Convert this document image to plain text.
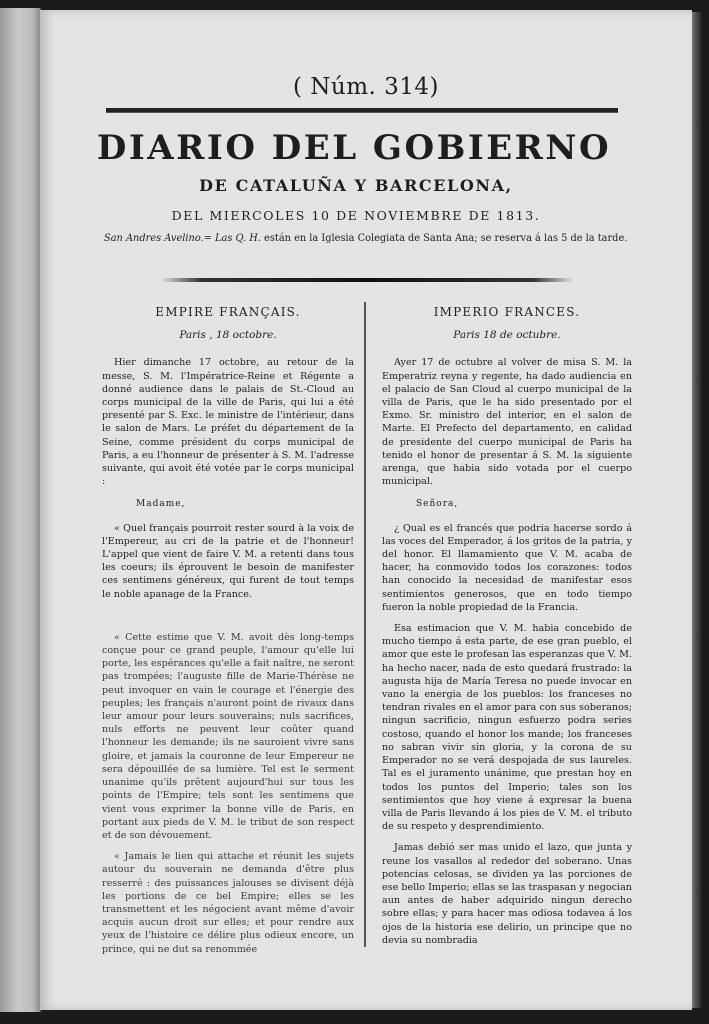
( Núm. 314)
DIARIO DEL GOBIERNO
DE CATALUÑA Y BARCELONA,
DEL MIERCOLES 10 DE NOVIEMBRE DE 1813.
San Andres Avelino.= Las Q. H. están en la Iglesia Colegiata de Santa Ana; se reserva á las 5 de la tarde.
EMPIRE FRANÇAIS.
Paris , 18 octobre.

Hier dimanche 17 octobre, au retour de la messe, S. M. l'Impératrice-Reine et Régente a donné audience dans le palais de St.-Cloud au corps municipal de la ville de Paris, qui lui a été presenté par S. Exc. le ministre de l'intérieur, dans le salon de Mars. Le préfet du département de la Seine, comme président du corps municipal de Paris, a eu l'honneur de présenter à S. M. l'adresse suivante, qui avoit été votée par le corps municipal :

Madame,

« Quel français pourroit rester sourd à la voix de l'Empereur, au cri de la patrie et de l'honneur! L'appel que vient de faire V. M. a retenti dans tous les coeurs; ils éprouvent le besoin de manifester ces sentimens généreux, qui furent de tout temps le noble apanage de la France.

« Cette estime que V. M. avoit dès long-temps conçue pour ce grand peuple, l'amour qu'elle lui porte, les espérances qu'elle a fait naître, ne seront pas trompées; l'auguste fille de Marie-Thérèse ne peut invoquer en vain le courage et l'énergie des peuples; les français n'auront point de rivaux dans leur amour pour leurs souverains; nuls sacrifices, nuls efforts ne peuvent leur coûter quand l'honneur les demande; ils ne sauroient vivre sans gloire, et jamais la couronne de leur Empereur ne sera dépouillée de sa lumière. Tel est le serment unanime qu'ils prêtent aujourd'hui sur tous les points de l'Empire; tels sont les sentimens que vient vous exprimer la bonne ville de Paris, en portant aux pieds de V. M. le tribut de son respect et de son dévouement.

« Jamais le lien qui attache et réunit les sujets autour du souverain ne demanda d'être plus resserré : des puissances jalouses se divisent déjà les portions de ce bel Empire; elles se les transmettent et les négocient avant même d'avoir acquis aucun droit sur elles; et pour rendre aux yeux de l'histoire ce délire plus odieux encore, un prince, qui ne dut sa renommée

IMPERIO FRANCES.
Paris 18 de octubre.

Ayer 17 de octubre al volver de misa S. M. la Emperatriz reyna y regente, ha dado audiencia en el palacio de San Cloud al cuerpo municipal de la villa de Paris, que le ha sido presentado por el Exmo. Sr. ministro del interior, en el salon de Marte. El Prefecto del departamento, en calidad de presidente del cuerpo municipal de Paris ha tenido el honor de presentar á S. M. la siguiente arenga, que habia sido votada por el cuerpo municipal.

Señora,

¿ Qual es el francés que podria hacerse sordo á las voces del Emperador, á los gritos de la patria, y del honor. El llamamiento que V. M. acaba de hacer, ha conmovido todos los corazones: todos han conocido la necesidad de manifestar esos sentimientos generosos, que en todo tiempo fueron la noble propiedad de la Francia.

Esa estimacion que V. M. habia concebido de mucho tiempo á esta parte, de ese gran pueblo, el amor que este le profesan las esperanzas que V. M. ha hecho nacer, nada de esto quedará frustrado: la augusta hija de María Teresa no puede invocar en vano la energia de los pueblos: los franceses no tendran rivales en el amor para con sus soberanos; ningun sacrificio, ningun esfuerzo podra series costoso, quando el honor los mande; los franceses no sabran vivir sin gloria, y la corona de su Emperador no se verá despojada de sus laureles. Tal es el juramento unánime, que prestan hoy en todos los puntos del Imperio; tales son los sentimientos que hoy viene á expresar la buena villa de Paris llevando á los pies de V. M. el tributo de su respeto y desprendimiento.

Jamas debió ser mas unido el lazo, que junta y reune los vasallos al rededor del soberano. Unas potencias celosas, se dividen ya las porciones de ese bello Imperio; ellas se las traspasan y negocian aun antes de haber adquirido ningun derecho sobre ellas; y para hacer mas odiosa todavea á los ojos de la historia ese delirio, un principe que no devia su nombradia
